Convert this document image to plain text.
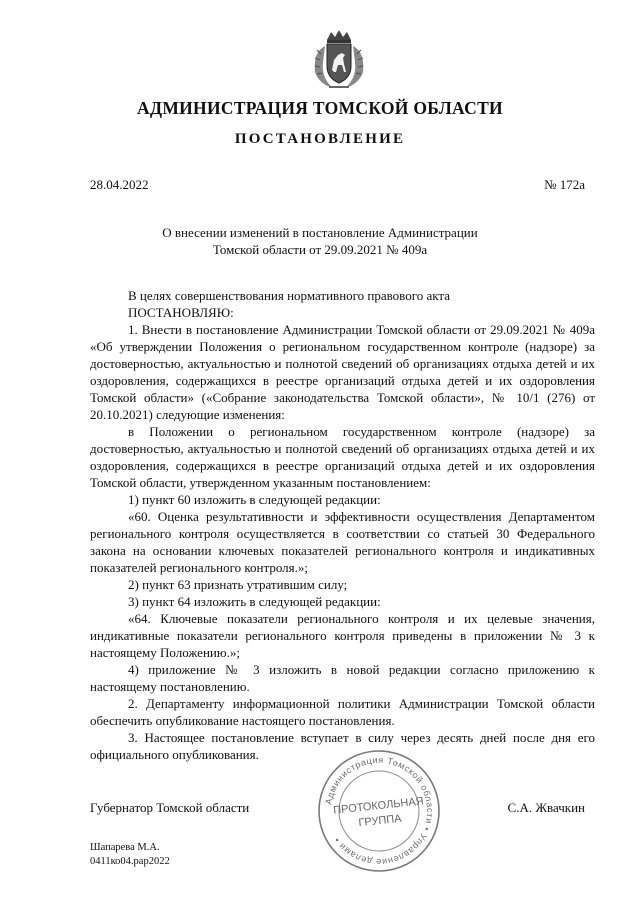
АДМИНИСТРАЦИЯ ТОМСКОЙ ОБЛАСТИ
ПОСТАНОВЛЕНИЕ
28.04.2022	№ 172а
О внесении изменений в постановление Администрации
Томской области от 29.09.2021 № 409а

В целях совершенствования нормативного правового акта

ПОСТАНОВЛЯЮ:

1. Внести в постановление Администрации Томской области от 29.09.2021 № 409а «Об утверждении Положения о региональном государственном контроле (надзоре) за достоверностью, актуальностью и полнотой сведений об организациях отдыха детей и их оздоровления, содержащихся в реестре организаций отдыха детей и их оздоровления Томской области» («Собрание законодательства Томской области», № 10/1 (276) от 20.10.2021) следующие изменения:

в Положении о региональном государственном контроле (надзоре) за достоверностью, актуальностью и полнотой сведений об организациях отдыха детей и их оздоровления, содержащихся в реестре организаций отдыха детей и их оздоровления Томской области, утвержденном указанным постановлением:

1) пункт 60 изложить в следующей редакции:

«60. Оценка результативности и эффективности осуществления Департаментом регионального контроля осуществляется в соответствии со статьей 30 Федерального закона на основании ключевых показателей регионального контроля и индикативных показателей регионального контроля.»;

2) пункт 63 признать утратившим силу;

3) пункт 64 изложить в следующей редакции:

«64. Ключевые показатели регионального контроля и их целевые значения, индикативные показатели регионального контроля приведены в приложении № 3 к настоящему Положению.»;

4) приложение № 3 изложить в новой редакции согласно приложению к настоящему постановлению.

2. Департаменту информационной политики Администрации Томской области обеспечить опубликование настоящего постановления.

3. Настоящее постановление вступает в силу через десять дней после дня его официального опубликования.

Губернатор Томской области	С.А. Жвачкин
Администрация Томской области • Управление делами •
ПРОТОКОЛЬНАЯ
ГРУППА
Шапарева М.А.
0411ко04.рар2022
